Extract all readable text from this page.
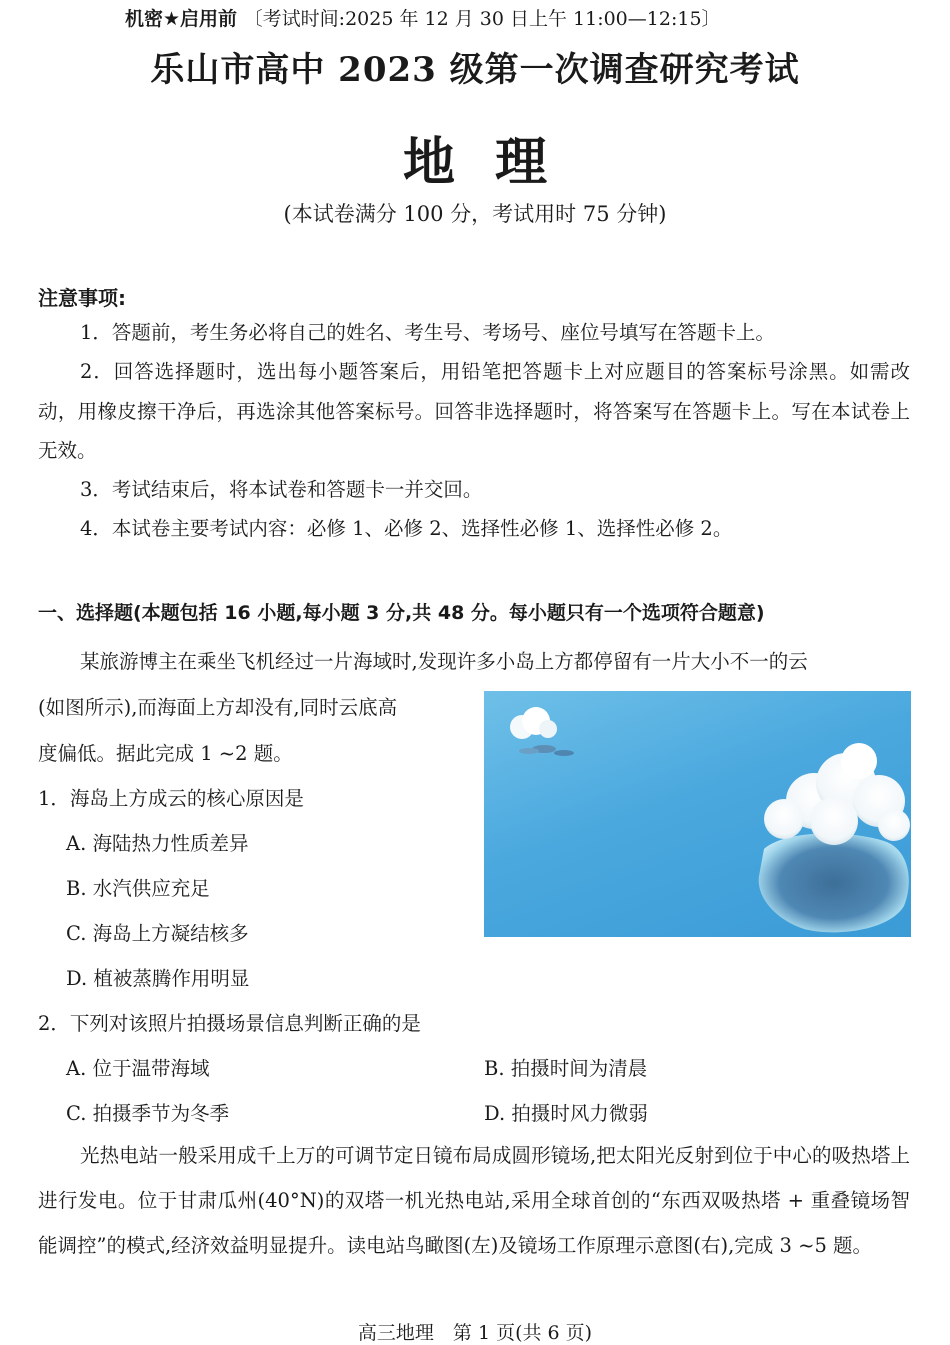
机密★启用前 〔考试时间:2025 年 12 月 30 日上午 11:00—12:15〕
乐山市高中 2023 级第一次调查研究考试
地理
(本试卷满分 100 分，考试用时 75 分钟)
注意事项:
1．答题前，考生务必将自己的姓名、考生号、考场号、座位号填写在答题卡上。
2．回答选择题时，选出每小题答案后，用铅笔把答题卡上对应题目的答案标号涂黑。如需改动，用橡皮擦干净后，再选涂其他答案标号。回答非选择题时，将答案写在答题卡上。写在本试卷上无效。
3．考试结束后，将本试卷和答题卡一并交回。
4．本试卷主要考试内容：必修 1、必修 2、选择性必修 1、选择性必修 2。
一、选择题(本题包括 16 小题,每小题 3 分,共 48 分。每小题只有一个选项符合题意)
某旅游博主在乘坐飞机经过一片海域时,发现许多小岛上方都停留有一片大小不一的云
(如图所示),而海面上方却没有,同时云底高
度偏低。据此完成 1 ~2 题。
1．海岛上方成云的核心原因是
A. 海陆热力性质差异
B. 水汽供应充足
C. 海岛上方凝结核多
D. 植被蒸腾作用明显
2．下列对该照片拍摄场景信息判断正确的是
A. 位于温带海域	B. 拍摄时间为清晨
C. 拍摄季节为冬季	D. 拍摄时风力微弱
光热电站一般采用成千上万的可调节定日镜布局成圆形镜场,把太阳光反射到位于中心的吸热塔上进行发电。位于甘肃瓜州(40°N)的双塔一机光热电站,采用全球首创的“东西双吸热塔 + 重叠镜场智能调控”的模式,经济效益明显提升。读电站鸟瞰图(左)及镜场工作原理示意图(右),完成 3 ~5 题。
高三地理　第 1 页(共 6 页)
